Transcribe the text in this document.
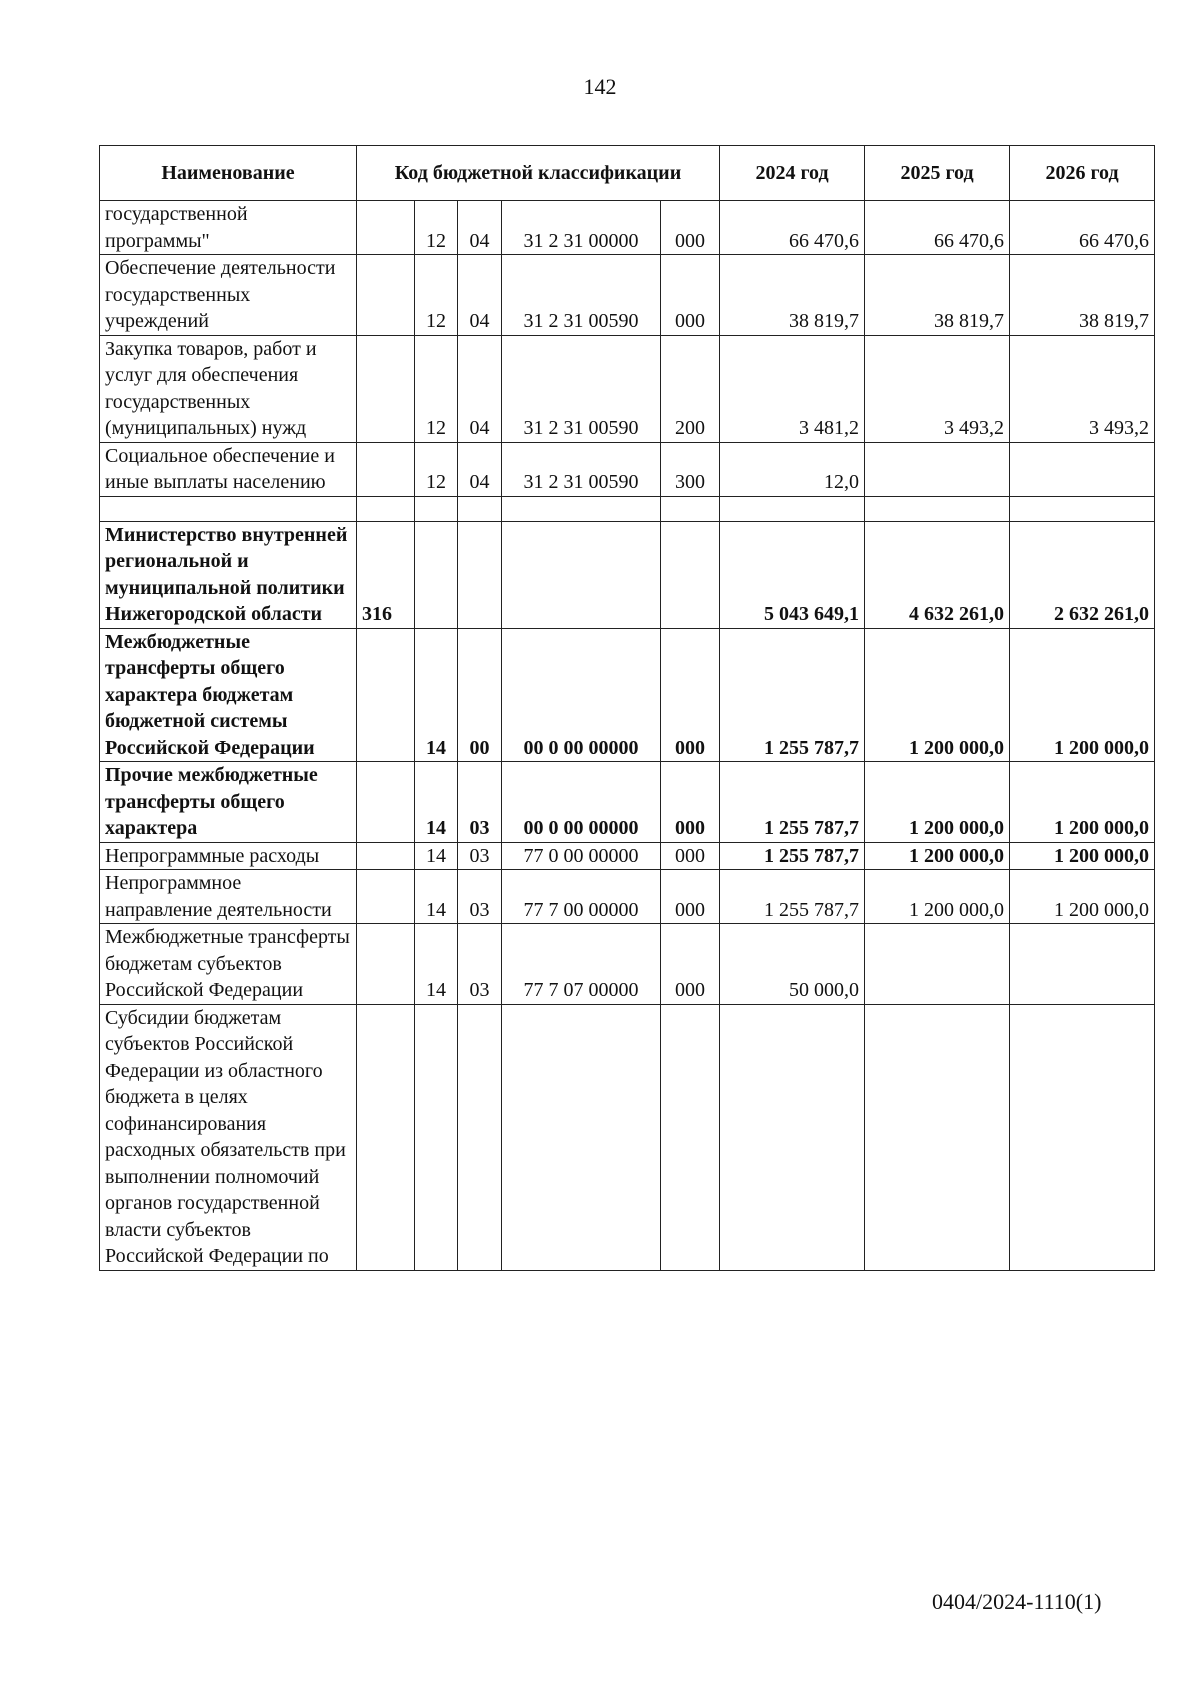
142
Наименование	Код бюджетной классификации					2024 год	2025 год	2026 год
государственной программы"		12	04	31 2 31 00000	000	66 470,6	66 470,6	66 470,6
Обеспечение деятельности государственных учреждений		12	04	31 2 31 00590	000	38 819,7	38 819,7	38 819,7
Закупка товаров, работ и услуг для обеспечения государственных (муниципальных) нужд		12	04	31 2 31 00590	200	3 481,2	3 493,2	3 493,2
Социальное обеспечение и иные выплаты населению		12	04	31 2 31 00590	300	12,0		

Министерство внутренней региональной и муниципальной политики Нижегородской области	316					5 043 649,1	4 632 261,0	2 632 261,0
Межбюджетные трансферты общего характера бюджетам бюджетной системы Российской Федерации		14	00	00 0 00 00000	000	1 255 787,7	1 200 000,0	1 200 000,0
Прочие межбюджетные трансферты общего характера		14	03	00 0 00 00000	000	1 255 787,7	1 200 000,0	1 200 000,0
Непрограммные расходы		14	03	77 0 00 00000	000	1 255 787,7	1 200 000,0	1 200 000,0
Непрограммное направление деятельности		14	03	77 7 00 00000	000	1 255 787,7	1 200 000,0	1 200 000,0
Межбюджетные трансферты бюджетам субъектов Российской Федерации		14	03	77 7 07 00000	000	50 000,0		
Субсидии бюджетам субъектов Российской Федерации из областного бюджета в целях софинансирования расходных обязательств при выполнении полномочий органов государственной власти субъектов Российской Федерации по								
0404/2024-1110(1)
